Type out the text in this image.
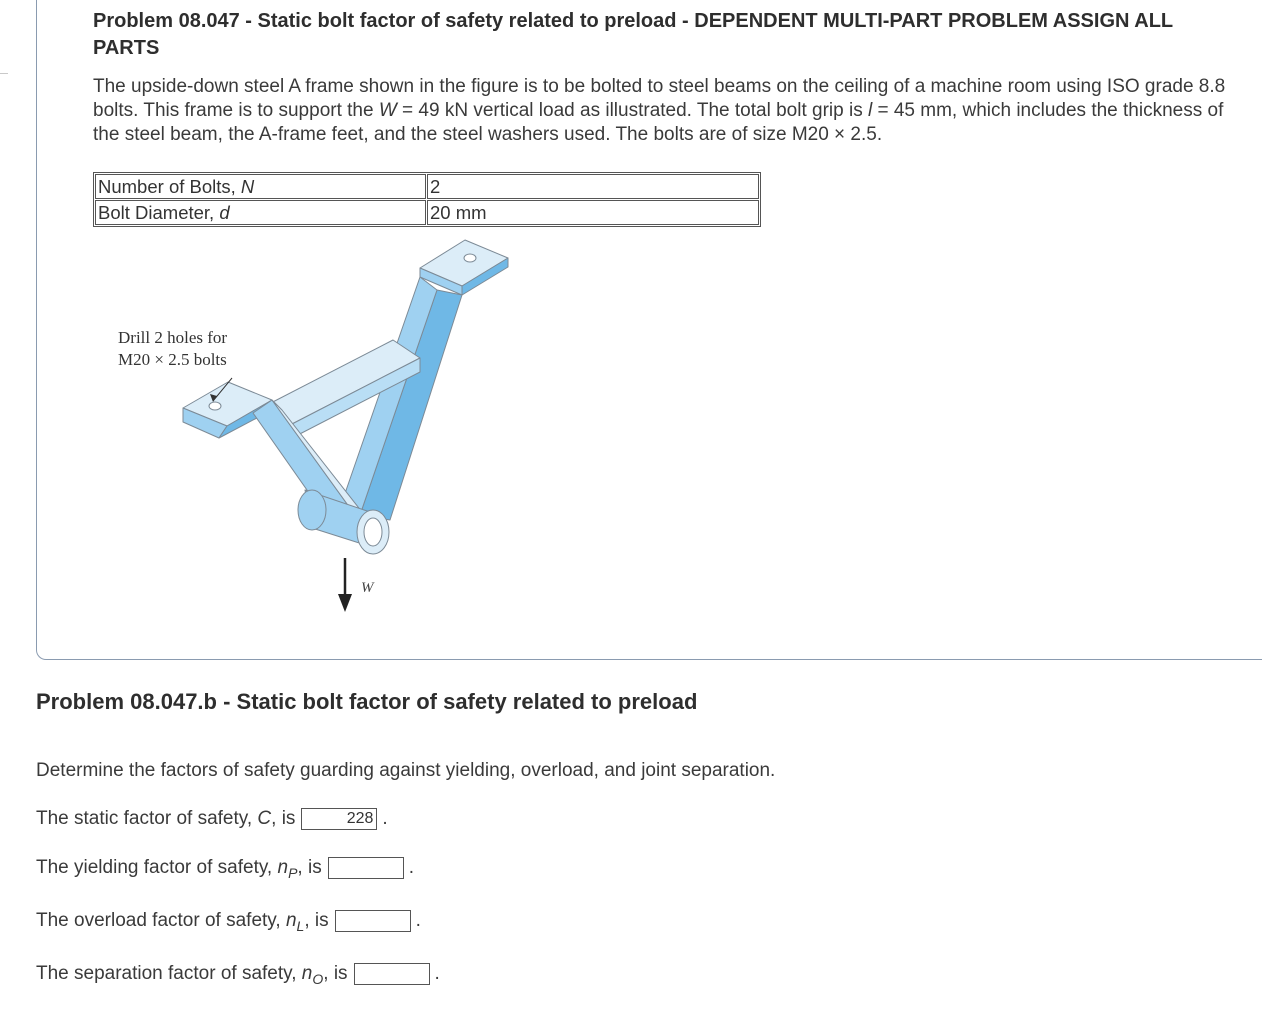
Problem 08.047 - Static bolt factor of safety related to preload - DEPENDENT MULTI-PART PROBLEM ASSIGN ALL PARTS
The upside-down steel A frame shown in the figure is to be bolted to steel beams on the ceiling of a machine room using ISO grade 8.8 bolts. This frame is to support the W = 49 kN vertical load as illustrated. The total bolt grip is l = 45 mm, which includes the thickness of the steel beam, the A-frame feet, and the steel washers used. The bolts are of size M20 × 2.5.
Number of Bolts, N	2
Bolt Diameter, d	20 mm
Drill 2 holes for
M20 × 2.5 bolts
W
Problem 08.047.b - Static bolt factor of safety related to preload
Determine the factors of safety guarding against yielding, overload, and joint separation.
The static factor of safety, C, is	228 .
The yielding factor of safety, $n_P$, is	.
The overload factor of safety, $n_L$, is	.
The separation factor of safety, $n_O$, is	.
